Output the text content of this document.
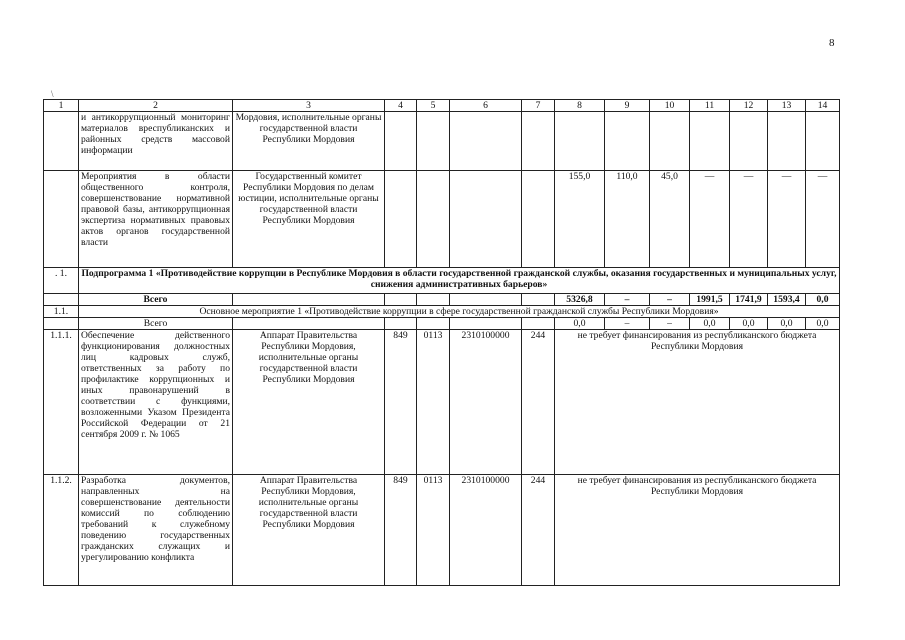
8
\
1	2	3	4	5	6	7	8	9	10	11	12	13	14
	и антикоррупционный мониторинг материалов вреспубликанских и районных средств массовой информации	Мордовия, исполнительные органы государственной власти Республики Мордовия											
	Мероприятия в области общественного контроля, совершенствование нормативной правовой базы, антикоррупционная экспертиза нормативных правовых актов органов государственной власти	Государственный комитет Республики Мордовия по делам юстиции, исполнительные органы государственной власти Республики Мордовия					155,0	110,0	45,0	—	—	—	—
. 1.	Подпрограмма 1 «Противодействие коррупции в Республике Мордовия в области государственной гражданской службы, оказания государственных и муниципальных услуг, снижения административных барьеров»												
	Всего						5326,8	–	–	1991,5	1741,9	1593,4	0,0
1.1.	Основное мероприятие 1 «Противодействие коррупции в сфере государственной гражданской службы Республики Мордовия»												
	Всего						0,0	–	–	0,0	0,0	0,0	0,0
1.1.1.	Обеспечение действенного функционирования должностных лиц кадровых служб, ответственных за работу по профилактике коррупционных и иных правонарушений в соответствии с функциями, возложенными Указом Президента Российской Федерации от 21 сентября 2009 г. № 1065	Аппарат Правительства Республики Мордовия, исполнительные органы государственной власти Республики Мордовия	849	0113	2310100000	244	не требует финансирования из республиканского бюджета Республики Мордовия						
1.1.2.	Разработка документов, направленных на совершенствование деятельности комиссий по соблюдению требований к служебному поведению государственных гражданских служащих и урегулированию конфликта	Аппарат Правительства Республики Мордовия, исполнительные органы государственной власти Республики Мордовия	849	0113	2310100000	244	не требует финансирования из республиканского бюджета Республики Мордовия						
